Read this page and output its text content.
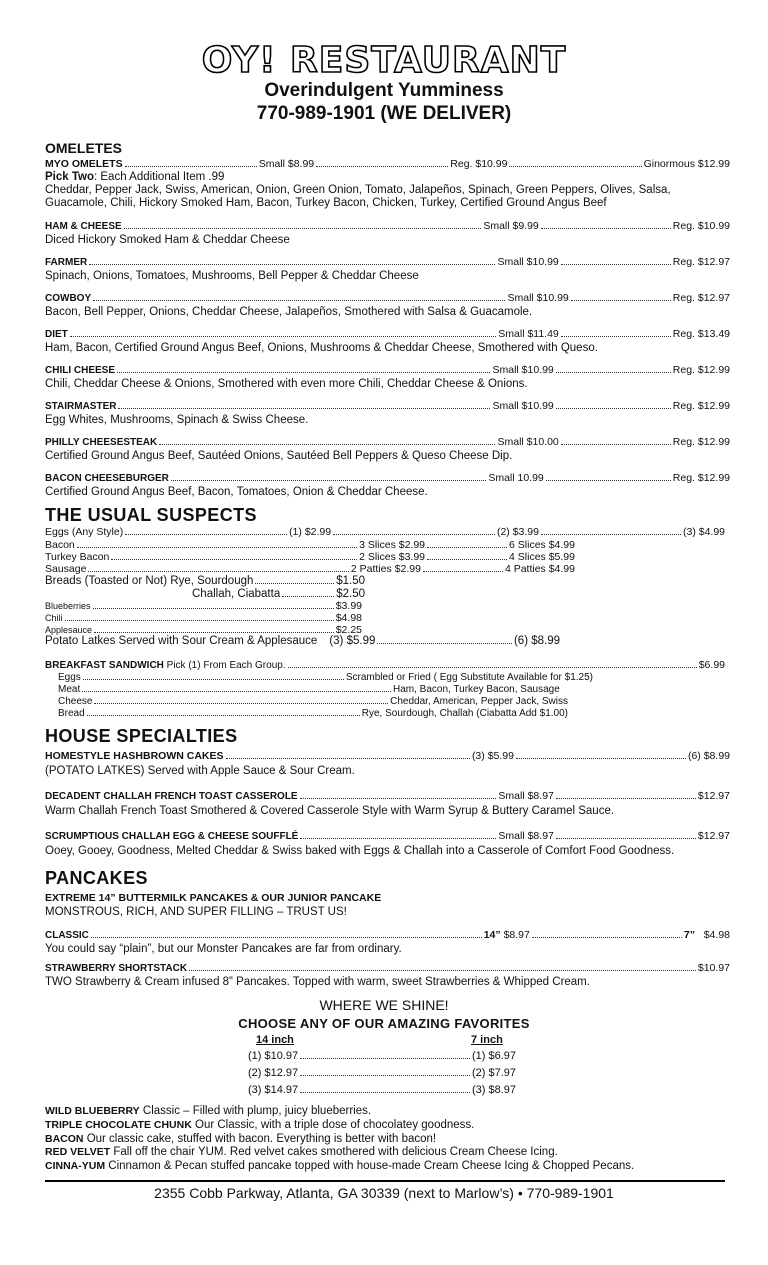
OY! RESTAURANT
Overindulgent Yumminess
770-989-1901 (WE DELIVER)
OMELETES
MYO OMELETS	Small $8.99	Reg. $10.99	Ginormous $12.99
Pick Two: Each Additional Item .99
Cheddar, Pepper Jack, Swiss, American, Onion, Green Onion, Tomato, Jalapeños, Spinach, Green Peppers, Olives, Salsa,
Guacamole, Chili, Hickory Smoked Ham, Bacon, Turkey Bacon, Chicken, Turkey, Certified Ground Angus Beef
HAM & CHEESE	Small $9.99	Reg. $10.99
Diced Hickory Smoked Ham & Cheddar Cheese
FARMER	Small $10.99	Reg. $12.97
Spinach, Onions, Tomatoes, Mushrooms, Bell Pepper & Cheddar Cheese
COWBOY	Small $10.99	Reg. $12.97
Bacon, Bell Pepper, Onions, Cheddar Cheese, Jalapeños, Smothered with Salsa & Guacamole.
DIET	Small $11.49	Reg. $13.49
Ham, Bacon, Certified Ground Angus Beef, Onions, Mushrooms & Cheddar Cheese, Smothered with Queso.
CHILI CHEESE	Small $10.99	Reg. $12.99
Chili, Cheddar Cheese & Onions, Smothered with even more Chili, Cheddar Cheese & Onions.
STAIRMASTER	Small $10.99	Reg. $12.99
Egg Whites, Mushrooms, Spinach & Swiss Cheese.
PHILLY CHEESESTEAK	Small $10.00	Reg. $12.99
Certified Ground Angus Beef, Sautéed Onions, Sautéed Bell Peppers & Queso Cheese Dip.
BACON CHEESEBURGER	Small 10.99	Reg. $12.99
Certified Ground Angus Beef, Bacon, Tomatoes, Onion & Cheddar Cheese.
THE USUAL SUSPECTS
Eggs (Any Style)	(1) $2.99	(2) $3.99	(3) $4.99
Bacon	3 Slices $2.99	6 Slices $4.99
Turkey Bacon	2 Slices $3.99	4 Slices $5.99
Sausage	2 Patties $2.99	4 Patties $4.99
Breads (Toasted or Not) Rye, Sourdough	$1.50
Challah, Ciabatta	$2.50
Blueberries	$3.99
Chili	$4.98
Applesauce	$2.25
Potato Latkes Served with Sour Cream & Applesauce (3) $5.99	(6) $8.99
BREAKFAST SANDWICH Pick (1) From Each Group.	$6.99
Eggs	Scrambled or Fried ( Egg Substitute Available for $1.25)
Meat	Ham, Bacon, Turkey Bacon, Sausage
Cheese	Cheddar, American, Pepper Jack, Swiss
Bread	Rye, Sourdough, Challah (Ciabatta Add $1.00)
HOUSE SPECIALTIES
HOMESTYLE HASHBROWN CAKES	(3) $5.99	(6) $8.99
(POTATO LATKES) Served with Apple Sauce & Sour Cream.
DECADENT CHALLAH FRENCH TOAST CASSEROLE	Small $8.97	$12.97
Warm Challah French Toast Smothered & Covered Casserole Style with Warm Syrup & Buttery Caramel Sauce.
SCRUMPTIOUS CHALLAH EGG & CHEESE SOUFFLÉ	Small $8.97	$12.97
Ooey, Gooey, Goodness, Melted Cheddar & Swiss baked with Eggs & Challah into a Casserole of Comfort Food Goodness.
PANCAKES
EXTREME 14” BUTTERMILK PANCAKES & OUR JUNIOR PANCAKE
MONSTROUS, RICH, AND SUPER FILLING – TRUST US!
CLASSIC	14” $8.97	7” $4.98
You could say “plain”, but our Monster Pancakes are far from ordinary.
STRAWBERRY SHORTSTACK	$10.97
TWO Strawberry & Cream infused 8” Pancakes. Topped with warm, sweet Strawberries & Whipped Cream.
WHERE WE SHINE!
CHOOSE ANY OF OUR AMAZING FAVORITES
14 inch	7 inch
(1) $10.97	(1) $6.97
(2) $12.97	(2) $7.97
(3) $14.97	(3) $8.97
WILD BLUEBERRY Classic – Filled with plump, juicy blueberries.
TRIPLE CHOCOLATE CHUNK Our Classic, with a triple dose of chocolatey goodness.
BACON Our classic cake, stuffed with bacon. Everything is better with bacon!
RED VELVET Fall off the chair YUM. Red velvet cakes smothered with delicious Cream Cheese Icing.
CINNA-YUM Cinnamon & Pecan stuffed pancake topped with house-made Cream Cheese Icing & Chopped Pecans.
2355 Cobb Parkway, Atlanta, GA 30339 (next to Marlow’s) • 770-989-1901
